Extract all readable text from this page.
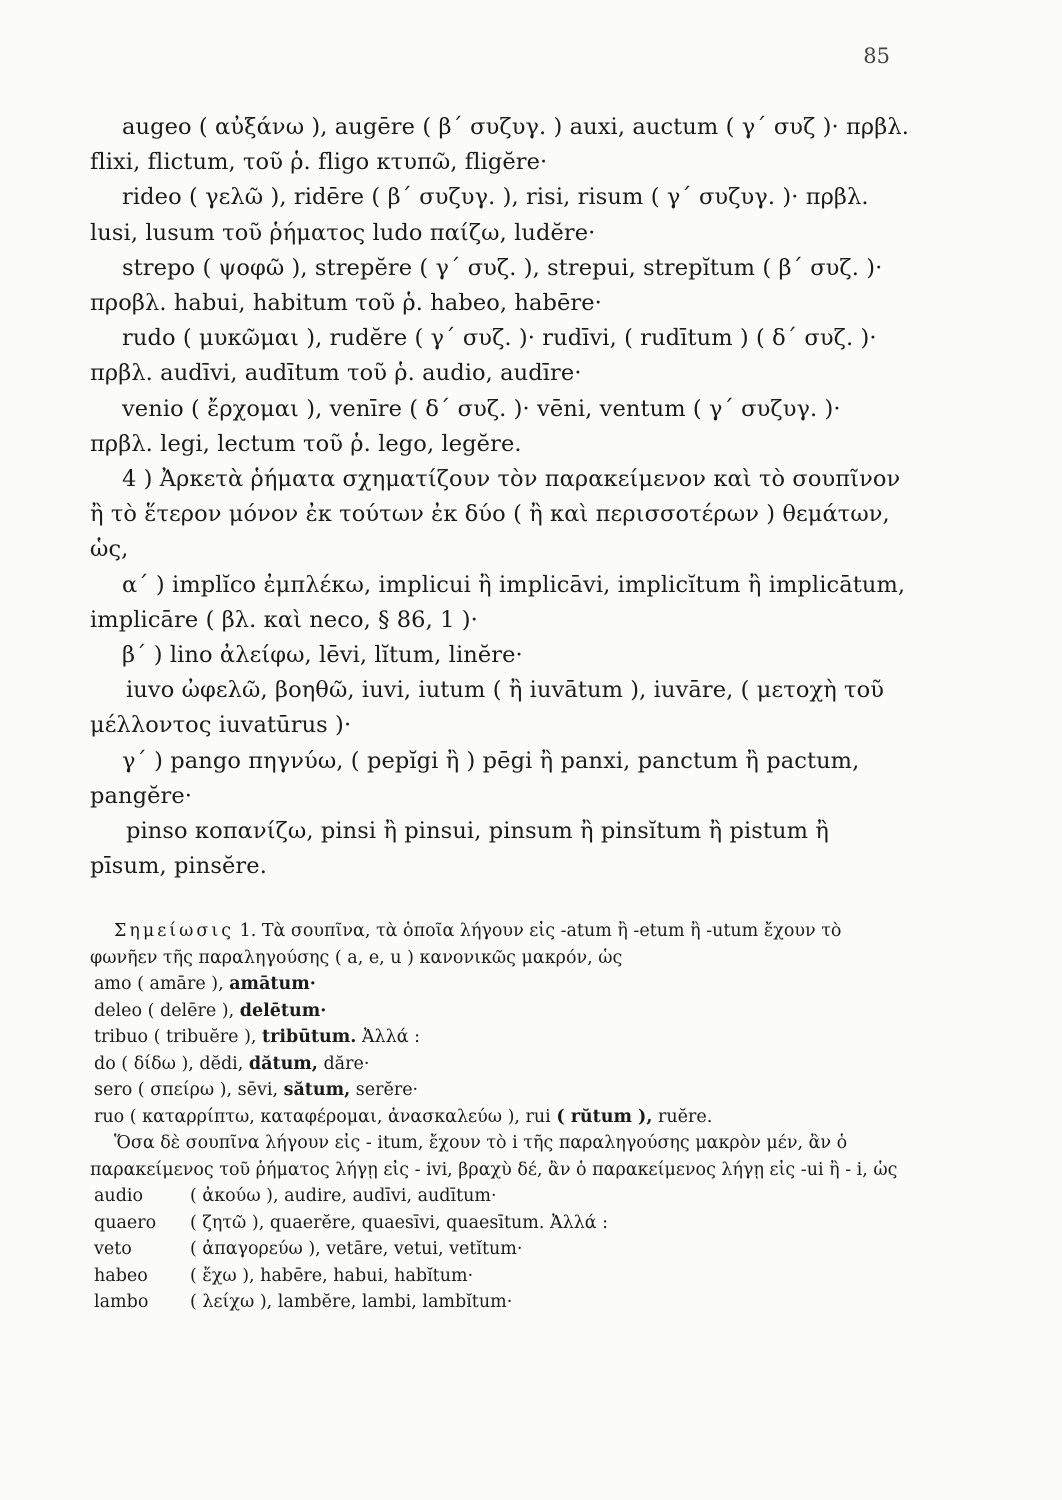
85

augeo ( αὐξάνω ), augēre ( β΄ συζυγ. ) auxi, auctum ( γ΄ συζ )· πρβλ. flixi, flictum, τοῦ ῥ. fligo κτυπῶ, fligĕre·

rideo ( γελῶ ), ridēre ( β΄ συζυγ. ), risi, risum ( γ΄ συζυγ. )· πρβλ. lusi, lusum τοῦ ῥήματος ludo παίζω, ludĕre·

strepo ( ψοφῶ ), strepĕre ( γ΄ συζ. ), strepui, strepĭtum ( β΄ συζ. )· προβλ. habui, habitum τοῦ ῥ. habeo, habēre·

rudo ( μυκῶμαι ), rudĕre ( γ΄ συζ. )· rudīvi, ( rudītum ) ( δ΄ συζ. )· πρβλ. audīvi, audītum τοῦ ῥ. audio, audīre·

venio ( ἔρχομαι ), venīre ( δ΄ συζ. )· vēni, ventum ( γ΄ συζυγ. )· πρβλ. legi, lectum τοῦ ῥ. lego, legĕre.

4 ) Ἀρκετὰ ῥήματα σχηματίζουν τὸν παρακείμενον καὶ τὸ σουπῖνον ἢ τὸ ἕτερον μόνον ἐκ τούτων ἐκ δύο ( ἢ καὶ περισσοτέρων ) θεμάτων, ὡς,

α΄ ) implĭco ἐμπλέκω, implicui ἢ implicāvi, implicĭtum ἢ implicātum, implicāre ( βλ. καὶ neco, § 86, 1 )·

β΄ ) lino ἀλείφω, lēvi, lĭtum, linĕre·

iuvo ὠφελῶ, βοηθῶ, iuvi, iutum ( ἢ iuvātum ), iuvāre, ( μετοχὴ τοῦ μέλλοντος iuvatūrus )·

γ΄ ) pango πηγνύω, ( pepĭgi ἢ ) pēgi ἢ panxi, panctum ἢ pactum, pangĕre·

pinso κοπανίζω, pinsi ἢ pinsui, pinsum ἢ pinsĭtum ἢ pistum ἢ pīsum, pinsĕre.

Σημείωσις 1. Τὰ σουπῖνα, τὰ ὁποῖα λήγουν εἰς -atum ἢ -etum ἢ -utum ἔχουν τὸ φωνῆεν τῆς παραληγούσης ( a, e, u ) κανονικῶς μακρόν, ὡς

amo ( amāre ), amātum·
deleo ( delēre ), delētum·
tribuo ( tribuĕre ), tribūtum. Ἀλλά :
do ( δίδω ), dĕdi, dătum, dăre·
sero ( σπείρω ), sēvi, sătum, serĕre·
ruo ( καταρρίπτω, καταφέρομαι, ἀνασκαλεύω ), rui ( rŭtum ), ruĕre.

Ὅσα δὲ σουπῖνα λήγουν εἰς - itum, ἔχουν τὸ i τῆς παραληγούσης μακρὸν μέν, ἂν ὁ παρακείμενος τοῦ ῥήματος λήγῃ εἰς - ivi, βραχὺ δέ, ἂν ὁ παρακείμενος λήγῃ εἰς -ui ἢ - i, ὡς

audio	( ἀκούω ), audire, audīvi, audītum·
quaero	( ζητῶ ), quaerĕre, quaesīvi, quaesītum. Ἀλλά :
veto	( ἀπαγορεύω ), vetāre, vetui, vetĭtum·
habeo	( ἔχω ), habēre, habui, habĭtum·
lambo	( λείχω ), lambĕre, lambi, lambĭtum·
